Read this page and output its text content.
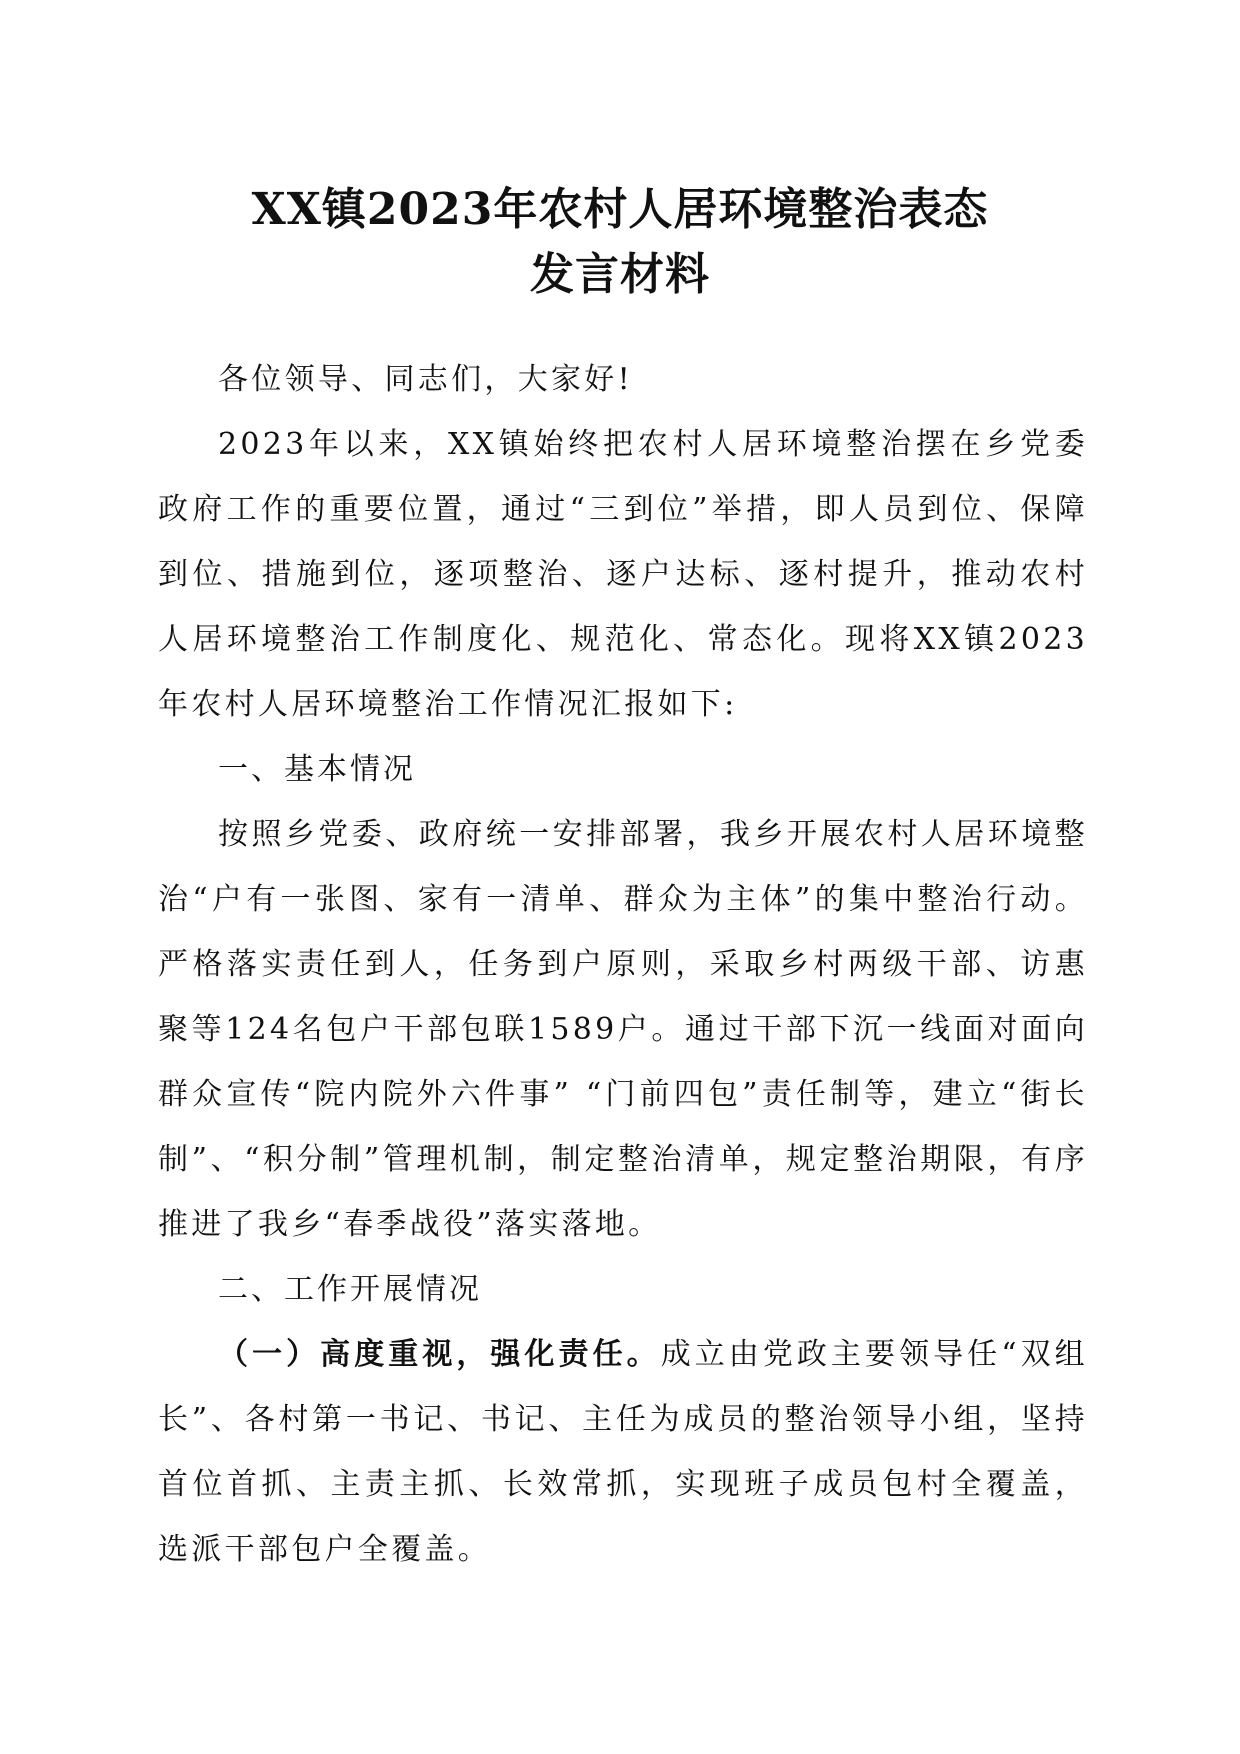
XX镇2023年农村人居环境整治表态
发言材料

各位领导、同志们，大家好!

2023年以来，XX镇始终把农村人居环境整治摆在乡党委政府工作的重要位置，通过“三到位”举措，即人员到位、保障到位、措施到位，逐项整治、逐户达标、逐村提升，推动农村人居环境整治工作制度化、规范化、常态化。现将XX镇2023年农村人居环境整治工作情况汇报如下:

一、基本情况

按照乡党委、政府统一安排部署，我乡开展农村人居环境整治“户有一张图、家有一清单、群众为主体”的集中整治行动。严格落实责任到人，任务到户原则，采取乡村两级干部、访惠聚等124名包户干部包联1589户。通过干部下沉一线面对面向群众宣传“院内院外六件事” “门前四包”责任制等，建立“街长制”、“积分制”管理机制，制定整治清单，规定整治期限，有序推进了我乡“春季战役”落实落地。

二、工作开展情况

（一）高度重视，强化责任。成立由党政主要领导任“双组长”、各村第一书记、书记、主任为成员的整治领导小组，坚持首位首抓、主责主抓、长效常抓，实现班子成员包村全覆盖，选派干部包户全覆盖。
